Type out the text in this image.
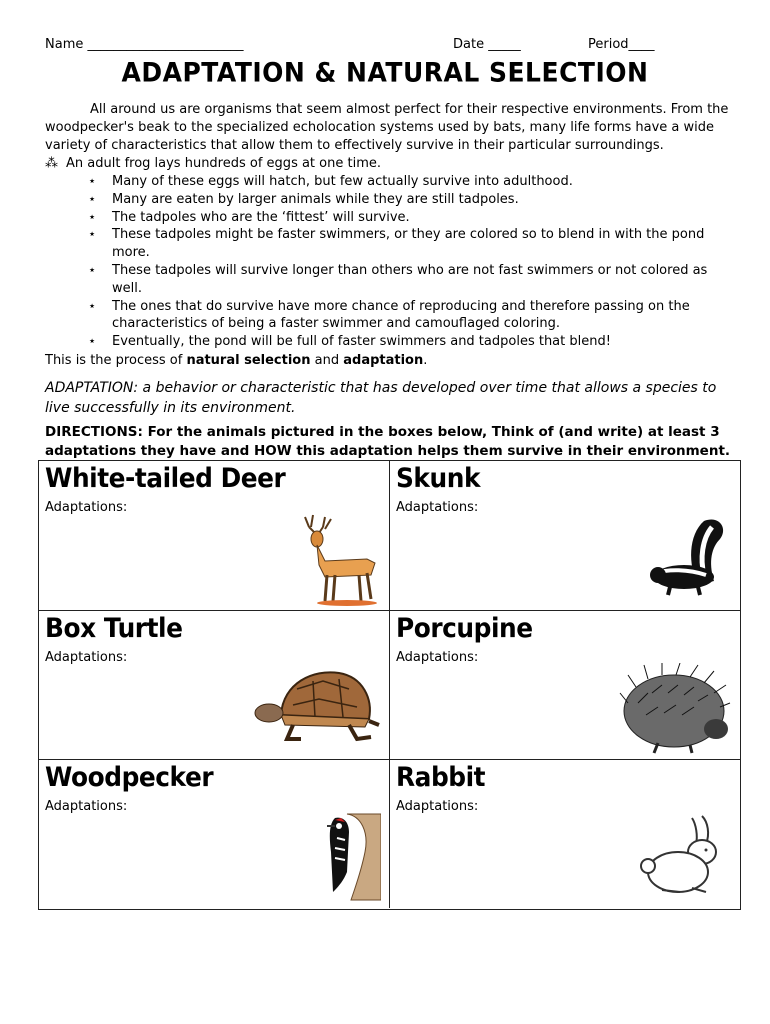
Name ________________________	Date _____	Period____
ADAPTATION & NATURAL SELECTION

All around us are organisms that seem almost perfect for their respective environments. From the woodpecker's beak to the specialized echolocation systems used by bats, many life forms have a wide variety of characteristics that allow them to effectively survive in their particular surroundings.

⁂ An adult frog lays hundreds of eggs at one time.
⋆ Many of these eggs will hatch, but few actually survive into adulthood.
⋆ Many are eaten by larger animals while they are still tadpoles.
⋆ The tadpoles who are the ‘fittest’ will survive.
⋆ These tadpoles might be faster swimmers, or they are colored so to blend in with the pond more.
⋆ These tadpoles will survive longer than others who are not fast swimmers or not colored as well.
⋆ The ones that do survive have more chance of reproducing and therefore passing on the characteristics of being a faster swimmer and camouflaged coloring.
⋆ Eventually, the pond will be full of faster swimmers and tadpoles that blend!
This is the process of natural selection and adaptation.
ADAPTATION: a behavior or characteristic that has developed over time that allows a species to live successfully in its environment.
DIRECTIONS: For the animals pictured in the boxes below, Think of (and write) at least 3 adaptations they have and HOW this adaptation helps them survive in their environment.
White-tailed Deer
Adaptations:
Skunk
Adaptations:
Box Turtle
Adaptations:
Porcupine
Adaptations:
Woodpecker
Adaptations:
Rabbit
Adaptations:
